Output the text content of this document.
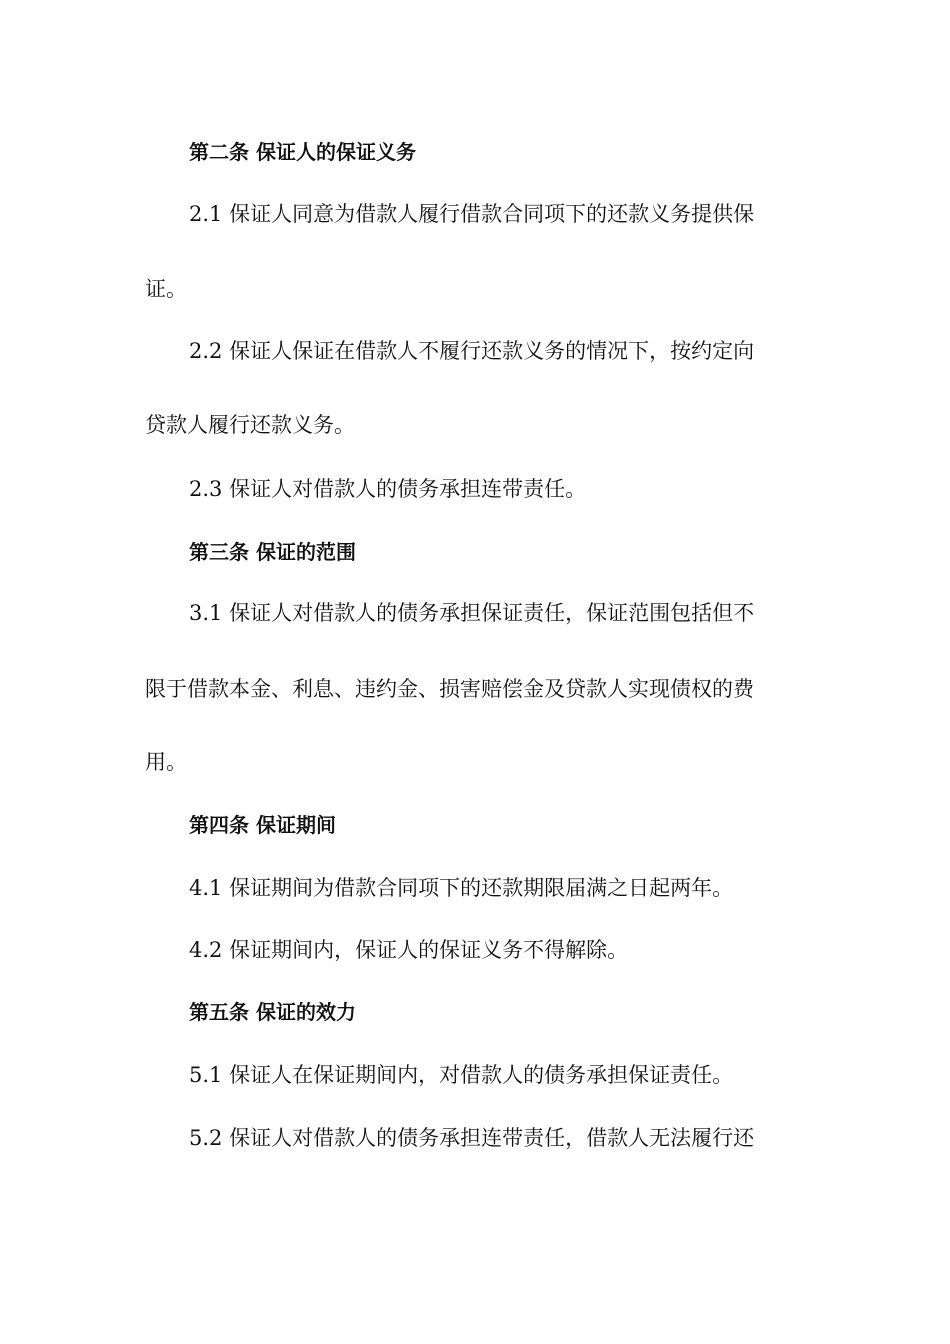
第二条 保证人的保证义务
2.1 保证人同意为借款人履行借款合同项下的还款义务提供保
证。
2.2 保证人保证在借款人不履行还款义务的情况下，按约定向
贷款人履行还款义务。
2.3 保证人对借款人的债务承担连带责任。
第三条 保证的范围
3.1 保证人对借款人的债务承担保证责任，保证范围包括但不
限于借款本金、利息、违约金、损害赔偿金及贷款人实现债权的费
用。
第四条 保证期间
4.1 保证期间为借款合同项下的还款期限届满之日起两年。
4.2 保证期间内，保证人的保证义务不得解除。
第五条 保证的效力
5.1 保证人在保证期间内，对借款人的债务承担保证责任。
5.2 保证人对借款人的债务承担连带责任，借款人无法履行还
